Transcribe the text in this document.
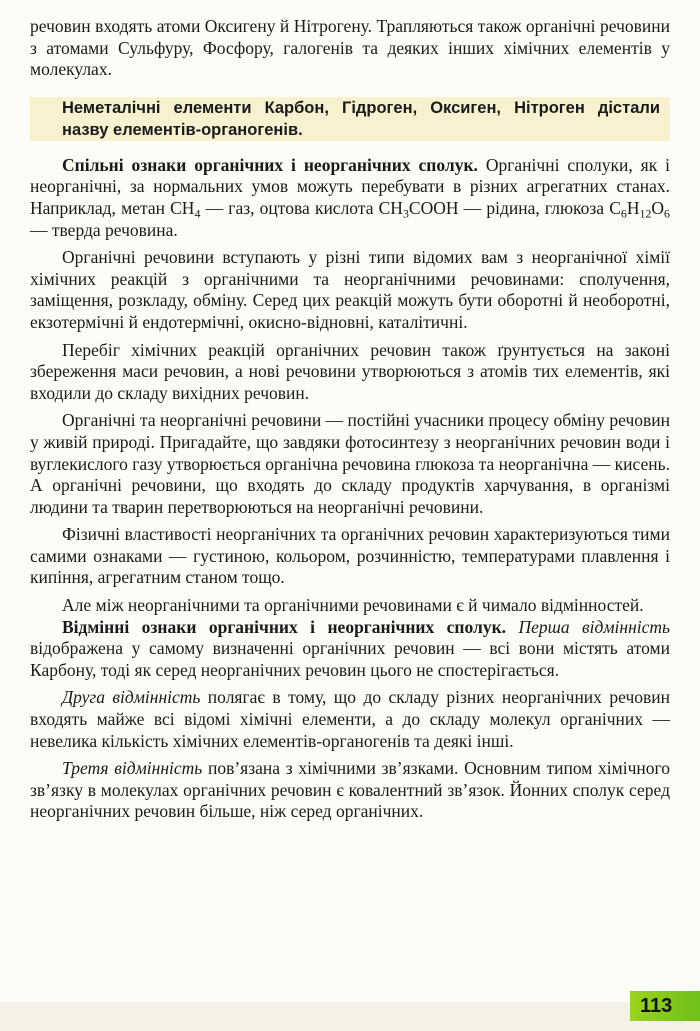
речовин входять атоми Оксигену й Нітрогену. Трапляються також органічні речовини з атомами Сульфуру, Фосфору, галогенів та деяких інших хімічних елементів у молекулах.

Неметалічні елементи Карбон, Гідроген, Оксиген, Нітроген дістали назву елементів-органогенів.

Спільні ознаки органічних і неорганічних сполук. Органічні сполуки, як і неорганічні, за нормальних умов можуть перебувати в різних агрегатних станах. Наприклад, метан $CH_4$ — газ, оцтова кислота $CH_3COOH$ — рідина, глюкоза $C_6H_{12}O_6$ — тверда речовина.

Органічні речовини вступають у різні типи відомих вам з неорганічної хімії хімічних реакцій з органічними та неорганічними речовинами: сполучення, заміщення, розкладу, обміну. Серед цих реакцій можуть бути оборотні й необоротні, екзотермічні й ендотермічні, окисно-відновні, каталітичні.

Перебіг хімічних реакцій органічних речовин також ґрунтується на законі збереження маси речовин, а нові речовини утворюються з атомів тих елементів, які входили до складу вихідних речовин.

Органічні та неорганічні речовини — постійні учасники процесу обміну речовин у живій природі. Пригадайте, що завдяки фотосинтезу з неорганічних речовин води і вуглекислого газу утворюється органічна речовина глюкоза та неорганічна — кисень. А органічні речовини, що входять до складу продуктів харчування, в організмі людини та тварин перетворюються на неорганічні речовини.

Фізичні властивості неорганічних та органічних речовин характеризуються тими самими ознаками — густиною, кольором, розчинністю, температурами плавлення і кипіння, агрегатним станом тощо.

Але між неорганічними та органічними речовинами є й чимало відмінностей.

Відмінні ознаки органічних і неорганічних сполук. Перша відмінність відображена у самому визначенні органічних речовин — всі вони містять атоми Карбону, тоді як серед неорганічних речовин цього не спостерігається.

Друга відмінність полягає в тому, що до складу різних неорганічних речовин входять майже всі відомі хімічні елементи, а до складу молекул органічних — невелика кількість хімічних елементів-органогенів та деякі інші.

Третя відмінність пов’язана з хімічними зв’язками. Основним типом хімічного зв’язку в молекулах органічних речовин є ковалентний зв’язок. Йонних сполук серед неорганічних речовин більше, ніж серед органічних.

113
